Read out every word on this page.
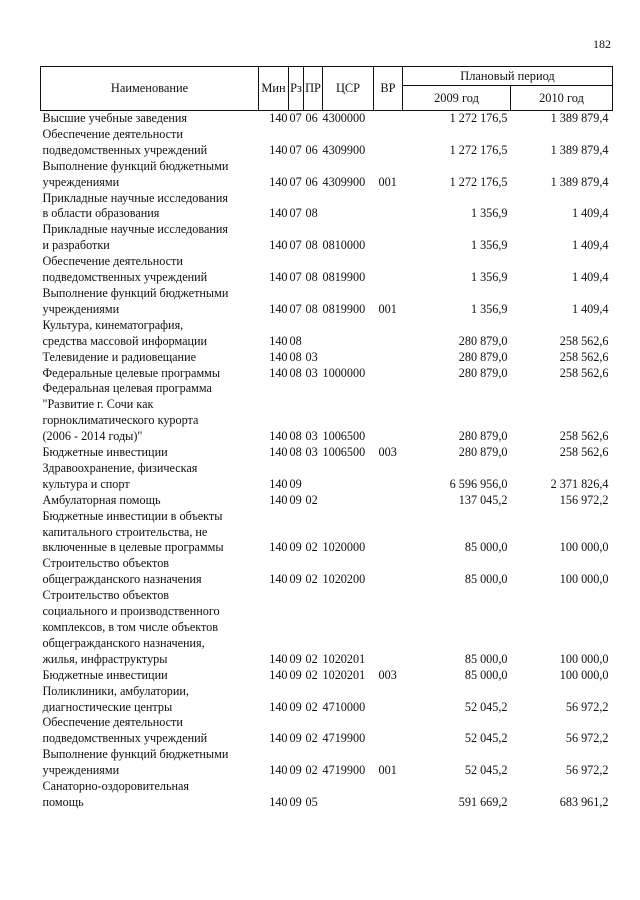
182
Наименование	Мин	Рз	ПР	ЦСР	ВР	Плановый период	
						2009 год	2010 год
Высшие учебные заведения	140	07	06	4300000		1 272 176,5	1 389 879,4
Обеспечение деятельности
подведомственных учреждений	140	07	06	4309900		1 272 176,5	1 389 879,4
Выполнение функций бюджетными
учреждениями	140	07	06	4309900	001	1 272 176,5	1 389 879,4
Прикладные научные исследования
в области образования	140	07	08			1 356,9	1 409,4
Прикладные научные исследования
и разработки	140	07	08	0810000		1 356,9	1 409,4
Обеспечение деятельности
подведомственных учреждений	140	07	08	0819900		1 356,9	1 409,4
Выполнение функций бюджетными
учреждениями	140	07	08	0819900	001	1 356,9	1 409,4
Культура, кинематография,
средства массовой информации	140	08				280 879,0	258 562,6
Телевидение и радиовещание	140	08	03			280 879,0	258 562,6
Федеральные целевые программы	140	08	03	1000000		280 879,0	258 562,6
Федеральная целевая программа
"Развитие г. Сочи как
горноклиматического курорта
(2006 - 2014 годы)"	140	08	03	1006500		280 879,0	258 562,6
Бюджетные инвестиции	140	08	03	1006500	003	280 879,0	258 562,6
Здравоохранение, физическая
культура и спорт	140	09				6 596 956,0	2 371 826,4
Амбулаторная помощь	140	09	02			137 045,2	156 972,2
Бюджетные инвестиции в объекты
капитального строительства, не
включенные в целевые программы	140	09	02	1020000		85 000,0	100 000,0
Строительство объектов
общегражданского назначения	140	09	02	1020200		85 000,0	100 000,0
Строительство объектов
социального и производственного
комплексов, в том числе объектов
общегражданского назначения,
жилья, инфраструктуры	140	09	02	1020201		85 000,0	100 000,0
Бюджетные инвестиции	140	09	02	1020201	003	85 000,0	100 000,0
Поликлиники, амбулатории,
диагностические центры	140	09	02	4710000		52 045,2	56 972,2
Обеспечение деятельности
подведомственных учреждений	140	09	02	4719900		52 045,2	56 972,2
Выполнение функций бюджетными
учреждениями	140	09	02	4719900	001	52 045,2	56 972,2
Санаторно-оздоровительная
помощь	140	09	05			591 669,2	683 961,2
